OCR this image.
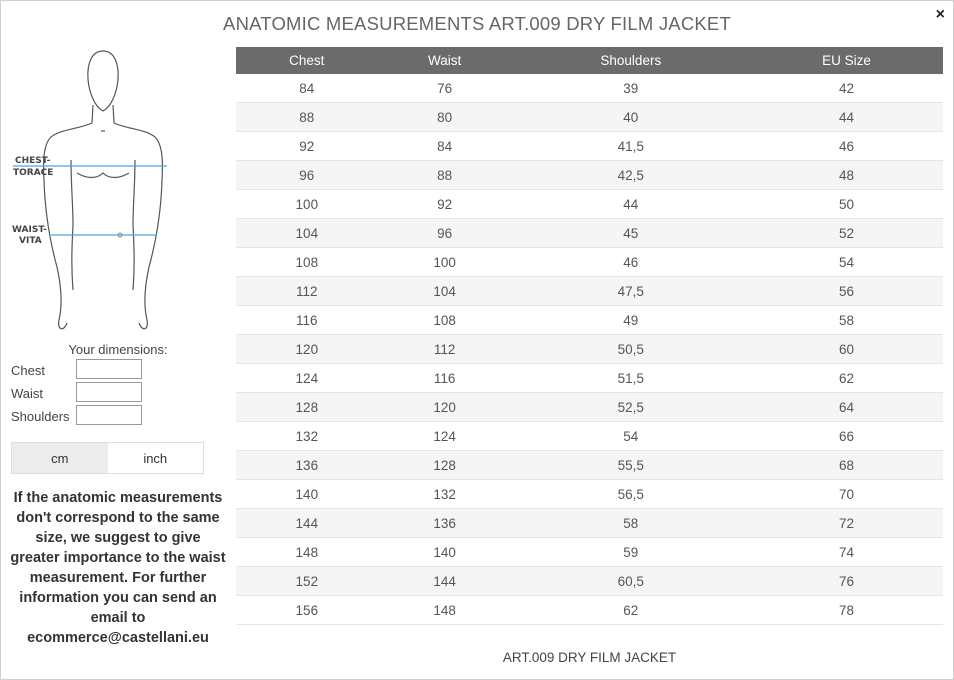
ANATOMIC MEASUREMENTS ART.009 DRY FILM JACKET	×
CHEST-
TORACE
WAIST-
VITA
Your dimensions:
Chest
Waist
Shoulders
cm	inch
If the anatomic measurements don't correspond to the same size, we suggest to give greater importance to the waist measurement. For further information you can send an email to ecommerce@castellani.eu
Chest	Waist	Shoulders	EU Size
84	76	39	42
88	80	40	44
92	84	41,5	46
96	88	42,5	48
100	92	44	50
104	96	45	52
108	100	46	54
112	104	47,5	56
116	108	49	58
120	112	50,5	60
124	116	51,5	62
128	120	52,5	64
132	124	54	66
136	128	55,5	68
140	132	56,5	70
144	136	58	72
148	140	59	74
152	144	60,5	76
156	148	62	78
ART.009 DRY FILM JACKET
